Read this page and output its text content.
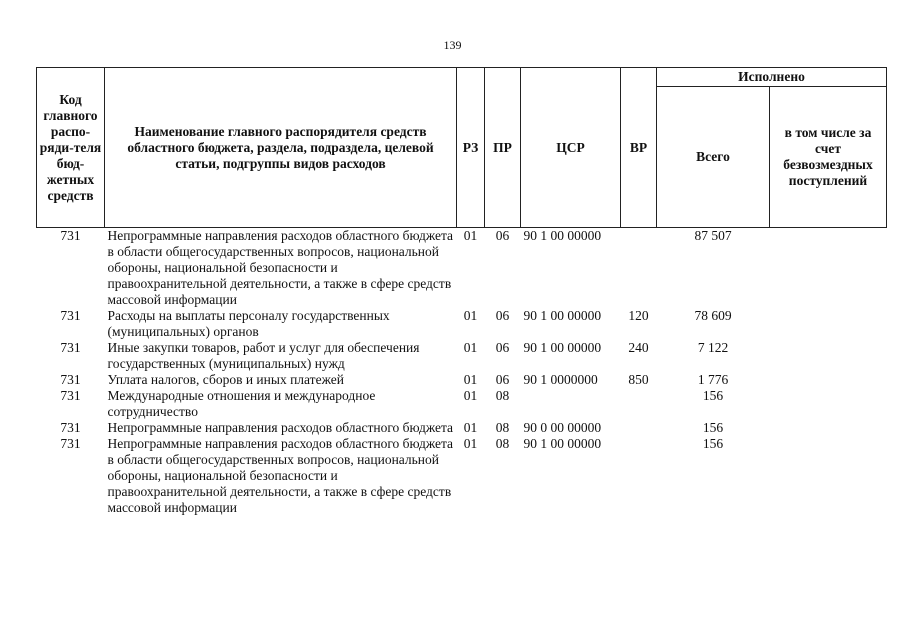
139
Код главного распо-ряди-теля бюд-жетных средств	Наименование главного распорядителя средств областного бюджета, раздела, подраздела, целевой статьи, подгруппы видов расходов	РЗ	ПР	ЦСР	ВР	Исполнено	
						Всего	в том числе за счет безвозмездных поступлений
731	Непрограммные направления расходов областного бюджета в области общегосударственных вопросов, национальной обороны, национальной безопасности и правоохранительной деятельности, а также в сфере средств массовой информации	01	06	90 1 00 00000		87 507	
731	Расходы на выплаты персоналу государственных (муниципальных) органов	01	06	90 1 00 00000	120	78 609	
731	Иные закупки товаров, работ и услуг для обеспечения государственных (муниципальных) нужд	01	06	90 1 00 00000	240	7 122	
731	Уплата налогов, сборов и иных платежей	01	06	90 1 0000000	850	1 776	
731	Международные отношения и международное сотрудничество	01	08			156	
731	Непрограммные направления расходов областного бюджета	01	08	90 0 00 00000		156	
731	Непрограммные направления расходов областного бюджета в области общегосударственных вопросов, национальной обороны, национальной безопасности и правоохранительной деятельности, а также в сфере средств массовой информации	01	08	90 1 00 00000		156	
